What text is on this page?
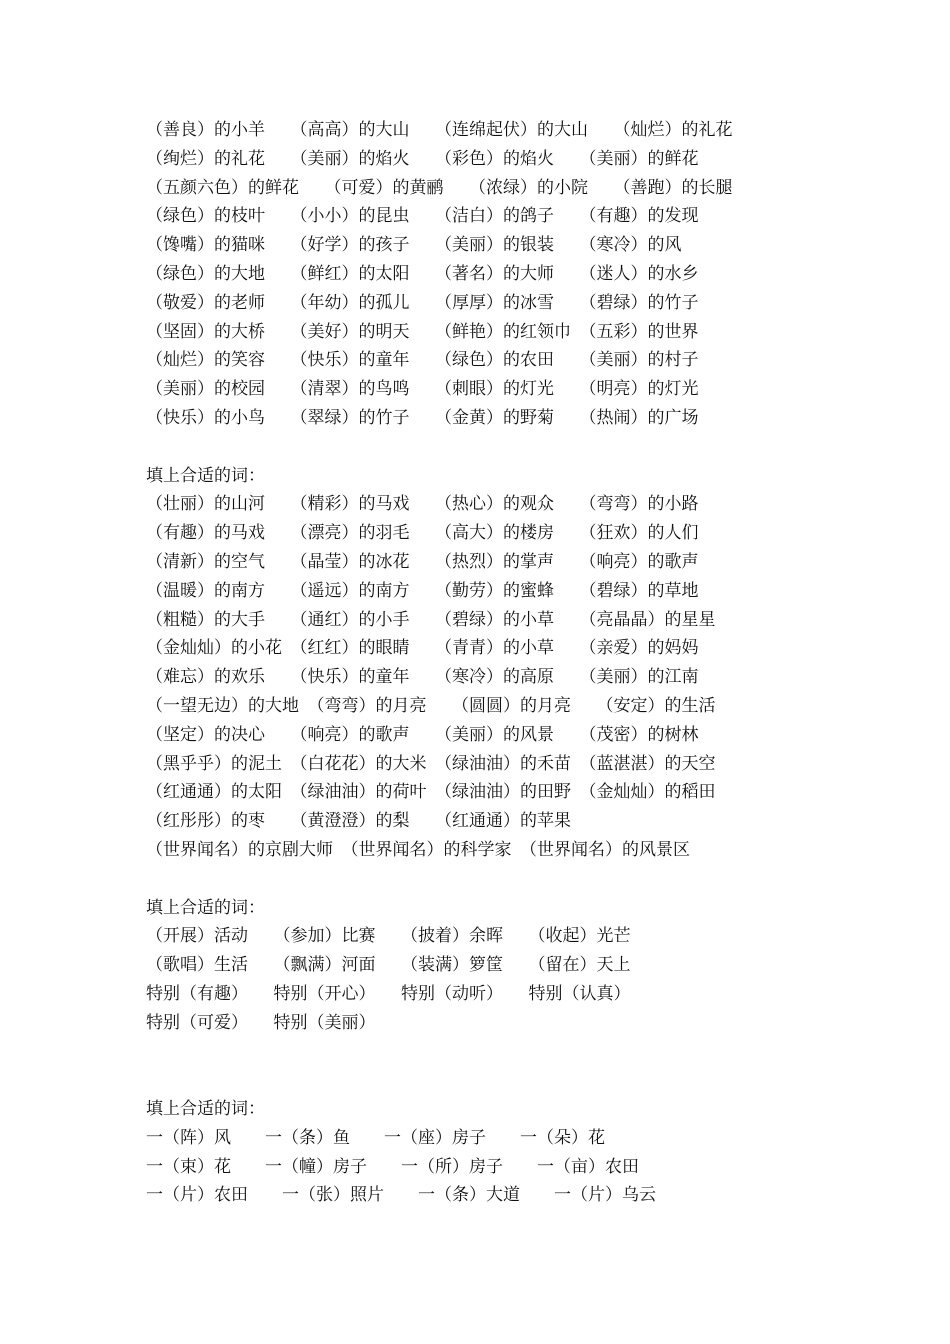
（善良）的小羊　　（高高）的大山　　（连绵起伏）的大山　　（灿烂）的礼花
（绚烂）的礼花　　（美丽）的焰火　　（彩色）的焰火　　（美丽）的鲜花
（五颜六色）的鲜花　　（可爱）的黄鹂　　（浓绿）的小院　　（善跑）的长腿
（绿色）的枝叶　　（小小）的昆虫　　（洁白）的鸽子　　（有趣）的发现
（馋嘴）的猫咪　　（好学）的孩子　　（美丽）的银装　　（寒冷）的风
（绿色）的大地　　（鲜红）的太阳　　（著名）的大师　　（迷人）的水乡
（敬爱）的老师　　（年幼）的孤儿　　（厚厚）的冰雪　　（碧绿）的竹子
（坚固）的大桥　　（美好）的明天　　（鲜艳）的红领巾　（五彩）的世界
（灿烂）的笑容　　（快乐）的童年　　（绿色）的农田　　（美丽）的村子
（美丽）的校园　　（清翠）的鸟鸣　　（刺眼）的灯光　　（明亮）的灯光
（快乐）的小鸟　　（翠绿）的竹子　　（金黄）的野菊　　（热闹）的广场
填上合适的词：
（壮丽）的山河　　（精彩）的马戏　　（热心）的观众　　（弯弯）的小路
（有趣）的马戏　　（漂亮）的羽毛　　（高大）的楼房　　（狂欢）的人们
（清新）的空气　　（晶莹）的冰花　　（热烈）的掌声　　（响亮）的歌声
（温暖）的南方　　（遥远）的南方　　（勤劳）的蜜蜂　　（碧绿）的草地
（粗糙）的大手　　（通红）的小手　　（碧绿）的小草　　（亮晶晶）的星星
（金灿灿）的小花　（红红）的眼睛　　（青青）的小草　　（亲爱）的妈妈
（难忘）的欢乐　　（快乐）的童年　　（寒冷）的高原　　（美丽）的江南
（一望无边）的大地　（弯弯）的月亮　　（圆圆）的月亮　　（安定）的生活
（坚定）的决心　　（响亮）的歌声　　（美丽）的风景　　（茂密）的树林
（黑乎乎）的泥土　（白花花）的大米　（绿油油）的禾苗　（蓝湛湛）的天空
（红通通）的太阳　（绿油油）的荷叶　（绿油油）的田野　（金灿灿）的稻田
（红彤彤）的枣　　（黄澄澄）的梨　　（红通通）的苹果
（世界闻名）的京剧大师　（世界闻名）的科学家　（世界闻名）的风景区
填上合适的词：
（开展）活动　　（参加）比赛　　（披着）余晖　　（收起）光芒
（歌唱）生活　　（飘满）河面　　（装满）箩筐　　（留在）天上
特别（有趣）　　特别（开心）　　特别（动听）　　特别（认真）
特别（可爱）　　特别（美丽）
填上合适的词：
一（阵）风　　一（条）鱼　　一（座）房子　　一（朵）花
一（束）花　　一（幢）房子　　一（所）房子　　一（亩）农田
一（片）农田　　一（张）照片　　一（条）大道　　一（片）乌云
